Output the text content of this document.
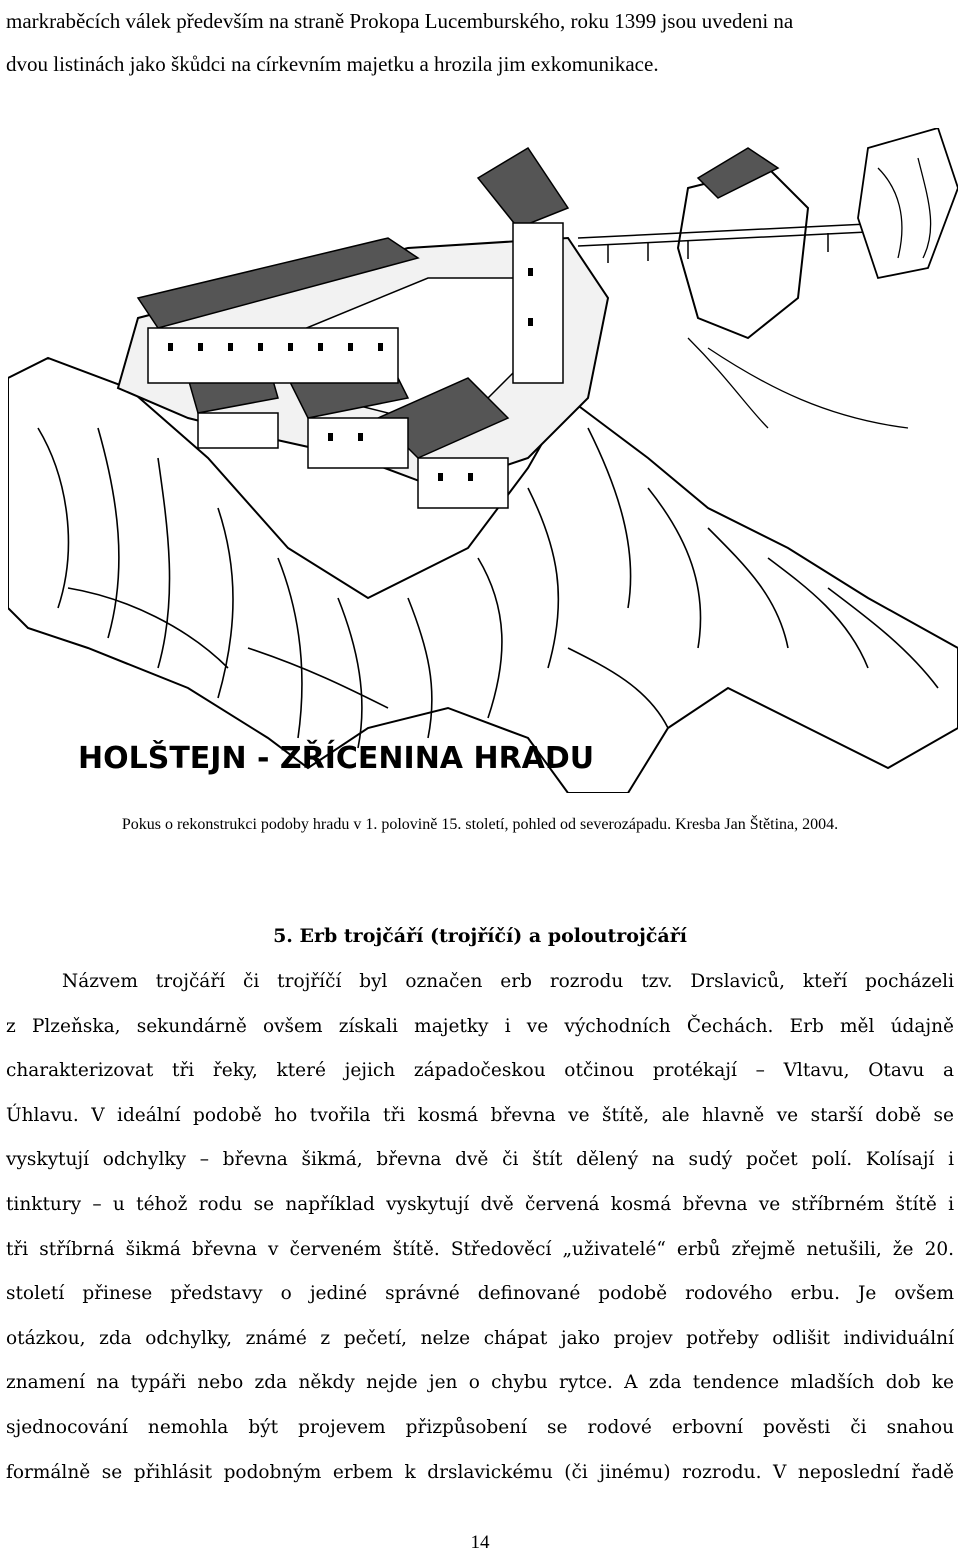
markraběcích válek především na straně Prokopa Lucemburského, roku 1399 jsou uvedeni na
dvou listinách jako škůdci na církevním majetku a hrozila jim exkomunikace.
HOLŠTEJN - ZŘÍCENINA HRADU
Pokus o rekonstrukci podoby hradu v 1. polovině 15. století, pohled od severozápadu. Kresba Jan Štětina, 2004.
5. Erb trojčáří (trojříčí) a poloutrojčáří
Názvem trojčáří či trojříčí byl označen erb rozrodu tzv. Drslaviců, kteří pocházeli
z Plzeňska, sekundárně ovšem získali majetky i ve východních Čechách. Erb měl údajně
charakterizovat tři řeky, které jejich západočeskou otčinou protékají – Vltavu, Otavu a
Úhlavu. V ideální podobě ho tvořila tři kosmá břevna ve štítě, ale hlavně ve starší době se
vyskytují odchylky – břevna šikmá, břevna dvě či štít dělený na sudý počet polí. Kolísají i
tinktury – u téhož rodu se například vyskytují dvě červená kosmá břevna ve stříbrném štítě i
tři stříbrná šikmá břevna v červeném štítě. Středověcí „uživatelé“ erbů zřejmě netušili, že 20.
století přinese představy o jediné správné definované podobě rodového erbu. Je ovšem
otázkou, zda odchylky, známé z pečetí, nelze chápat jako projev potřeby odlišit individuální
znamení na typáři nebo zda někdy nejde jen o chybu rytce. A zda tendence mladších dob ke
sjednocování nemohla být projevem přizpůsobení se rodové erbovní pověsti či snahou
formálně se přihlásit podobným erbem k drslavickému (či jinému) rozrodu. V neposlední řadě
14
